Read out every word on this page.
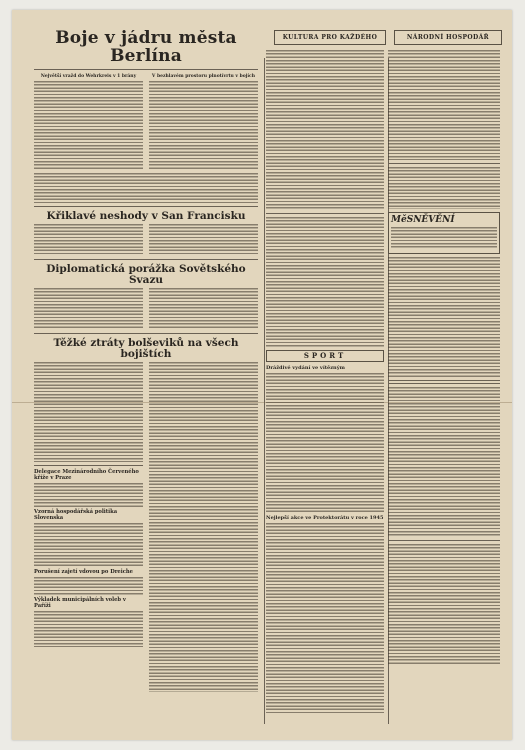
Boje v jádru města Berlína
Největší vražd do Wehrkreis v 1 brány	V bezhlavém prostoru plnotívrtu v bojích
Křiklavé neshody v San Francisku
Diplomatická porážka Sovětského Svazu
Těžké ztráty bolševiků na všech bojištích
Delegace Mezinárodního Červeného kříže v Praze
Vzorná hospodářská politika Slovenska
Porušení zajetí vdovou po Dreiche
Výkladek municipálních voleb v Paříži
KULTURA PRO KAŽDÉHO
SPORT
Dráždivé vydání ve vítězným
Nejlepší akce ve Protektorátu v roce 1945
NÁRODNÍ HOSPODÁŘ
MěSNĚVĚNÍ
